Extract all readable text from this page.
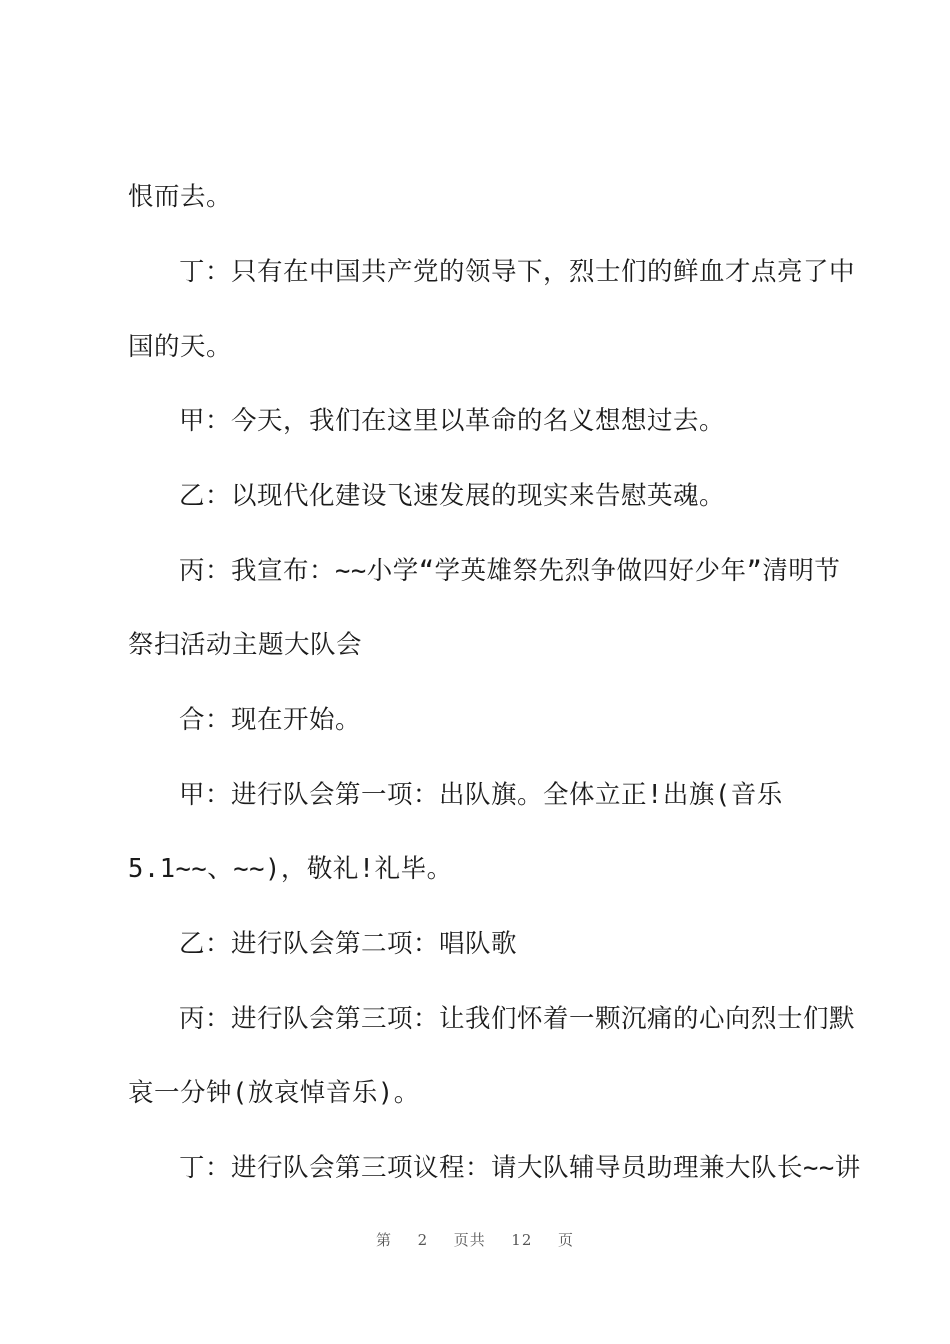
恨而去。
丁：只有在中国共产党的领导下，烈士们的鲜血才点亮了中
国的天。
甲：今天，我们在这里以革命的名义想想过去。
乙：以现代化建设飞速发展的现实来告慰英魂。
丙：我宣布：~~小学“学英雄祭先烈争做四好少年”清明节
祭扫活动主题大队会
合：现在开始。
甲：进行队会第一项：出队旗。全体立正!出旗(音乐
5.1~~、~~)，敬礼!礼毕。
乙：进行队会第二项：唱队歌
丙：进行队会第三项：让我们怀着一颗沉痛的心向烈士们默
哀一分钟(放哀悼音乐)。
丁：进行队会第三项议程：请大队辅导员助理兼大队长~~讲
第 2 页共 12 页
